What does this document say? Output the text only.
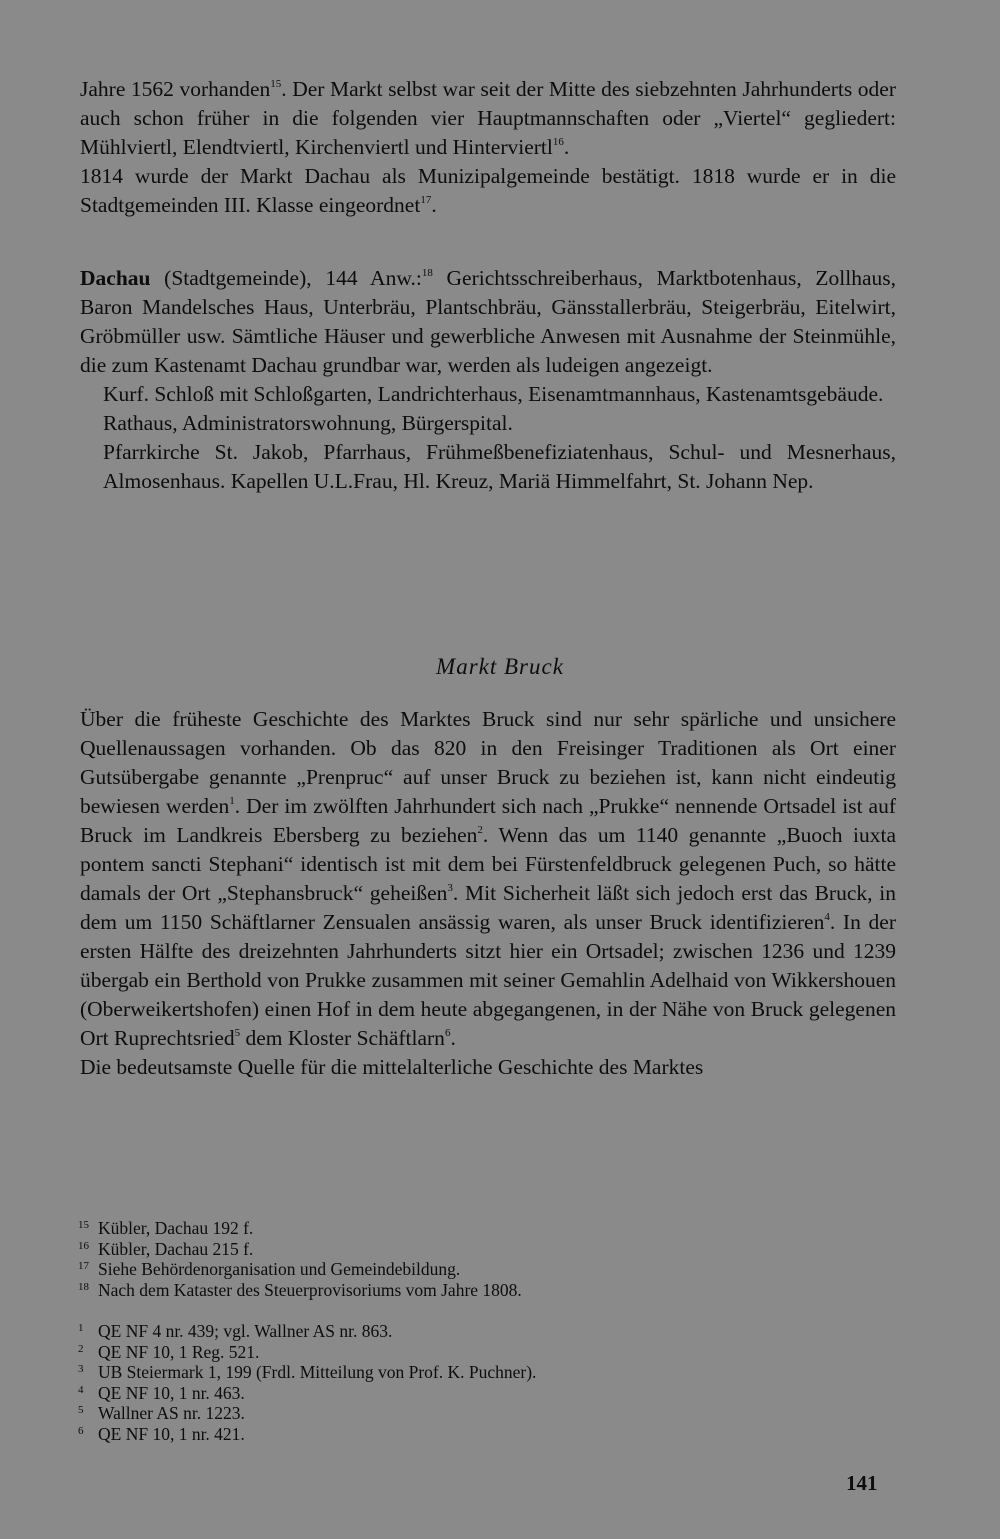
Jahre 1562 vorhanden$^{15}$. Der Markt selbst war seit der Mitte des siebzehnten Jahrhunderts oder auch schon früher in die folgenden vier Hauptmannschaften oder „Viertel“ gegliedert: Mühlviertl, Elendtviertl, Kirchenviertl und Hinterviertl$^{16}$.

1814 wurde der Markt Dachau als Munizipalgemeinde bestätigt. 1818 wurde er in die Stadtgemeinden III. Klasse eingeordnet$^{17}$.

Dachau (Stadtgemeinde), 144 Anw.:$^{18}$ Gerichtsschreiberhaus, Marktbotenhaus, Zollhaus, Baron Mandelsches Haus, Unterbräu, Plantschbräu, Gänsstallerbräu, Steigerbräu, Eitelwirt, Gröbmüller usw. Sämtliche Häuser und gewerbliche Anwesen mit Ausnahme der Steinmühle, die zum Kastenamt Dachau grundbar war, werden als ludeigen angezeigt.

Kurf. Schloß mit Schloßgarten, Landrichterhaus, Eisenamtmannhaus, Kastenamtsgebäude.

Rathaus, Administratorswohnung, Bürgerspital.

Pfarrkirche St. Jakob, Pfarrhaus, Frühmeßbenefiziatenhaus, Schul- und Mesnerhaus, Almosenhaus. Kapellen U.L.Frau, Hl. Kreuz, Mariä Himmelfahrt, St. Johann Nep.

Markt Bruck

Über die früheste Geschichte des Marktes Bruck sind nur sehr spärliche und unsichere Quellenaussagen vorhanden. Ob das 820 in den Freisinger Traditionen als Ort einer Gutsübergabe genannte „Prenpruc“ auf unser Bruck zu beziehen ist, kann nicht eindeutig bewiesen werden$^1$. Der im zwölften Jahrhundert sich nach „Prukke“ nennende Ortsadel ist auf Bruck im Landkreis Ebersberg zu beziehen$^2$. Wenn das um 1140 genannte „Buoch iuxta pontem sancti Stephani“ identisch ist mit dem bei Fürstenfeldbruck gelegenen Puch, so hätte damals der Ort „Stephansbruck“ geheißen$^3$. Mit Sicherheit läßt sich jedoch erst das Bruck, in dem um 1150 Schäftlarner Zensualen ansässig waren, als unser Bruck identifizieren$^4$. In der ersten Hälfte des dreizehnten Jahrhunderts sitzt hier ein Ortsadel; zwischen 1236 und 1239 übergab ein Berthold von Prukke zusammen mit seiner Gemahlin Adelhaid von Wikkershouen (Oberweikertshofen) einen Hof in dem heute abgegangenen, in der Nähe von Bruck gelegenen Ort Ruprechtsried$^5$ dem Kloster Schäftlarn$^6$.

Die bedeutsamste Quelle für die mittelalterliche Geschichte des Marktes

15 Kübler, Dachau 192 f.

16 Kübler, Dachau 215 f.

17 Siehe Behördenorganisation und Gemeindebildung.

18 Nach dem Kataster des Steuerprovisoriums vom Jahre 1808.

1 QE NF 4 nr. 439; vgl. Wallner AS nr. 863.

2 QE NF 10, 1 Reg. 521.

3 UB Steiermark 1, 199 (Frdl. Mitteilung von Prof. K. Puchner).

4 QE NF 10, 1 nr. 463.

5 Wallner AS nr. 1223.

6 QE NF 10, 1 nr. 421.

141
